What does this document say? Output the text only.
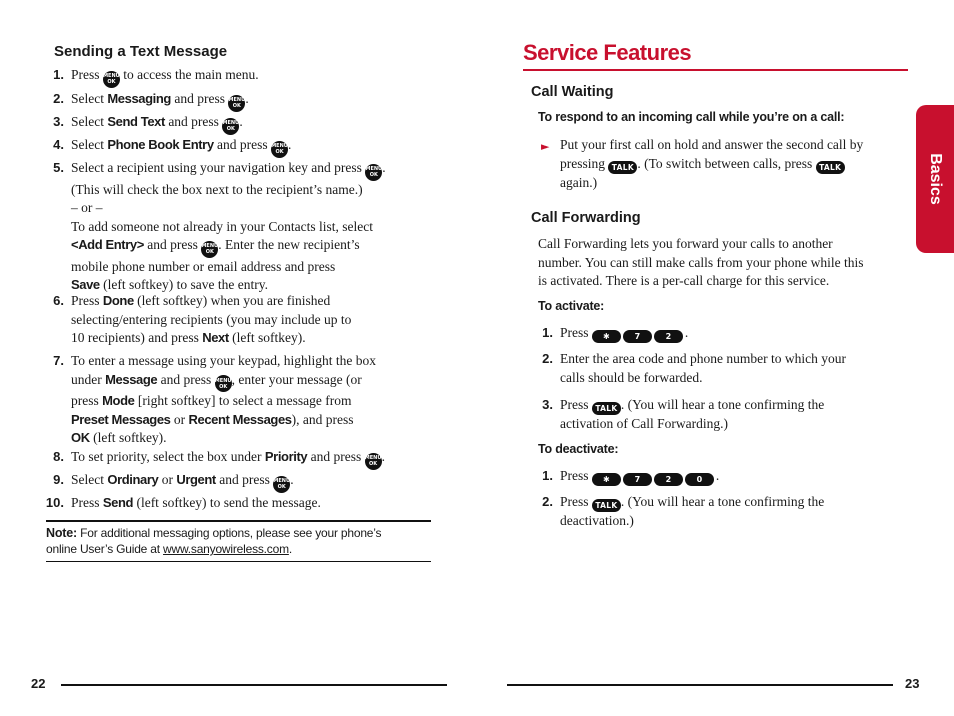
Sending a Text Message
1. Press MENU
OK to access the main menu.
2. Select Messaging and press MENU
OK .
3. Select Send Text and press MENU
OK .
4. Select Phone Book Entry and press MENU
OK .
5. Select a recipient using your navigation key and press MENU
OK .
(This will check the box next to the recipient’s name.)
– or –
To add someone not already in your Contacts list, select
<Add Entry> and press MENU
OK . Enter the new recipient’s
mobile phone number or email address and press
Save (left softkey) to save the entry.
6. Press Done (left softkey) when you are finished
selecting/entering recipients (you may include up to
10 recipients) and press Next (left softkey).
7. To enter a message using your keypad, highlight the box
under Message and press MENU
OK , enter your message (or
press Mode [right softkey] to select a message from
Preset Messages or Recent Messages), and press
OK (left softkey).
8. To set priority, select the box under Priority and press MENU
OK .
9. Select Ordinary or Urgent and press MENU
OK .
10. Press Send (left softkey) to send the message.
Note: For additional messaging options, please see your phone’s
online User’s Guide at www.sanyowireless.com.
22
Service Features
Basics
Call Waiting
To respond to an incoming call while you’re on a call:
► Put your first call on hold and answer the second call by
pressing TALK . (To switch between calls, press TALK
again.)
Call Forwarding
Call Forwarding lets you forward your calls to another
number. You can still make calls from your phone while this
is activated. There is a per-call charge for this service.
To activate:
1. Press ✱	7	2 .
2. Enter the area code and phone number to which your
calls should be forwarded.
3. Press TALK . (You will hear a tone confirming the
activation of Call Forwarding.)
To deactivate:
1. Press ✱	7	2	0 .
2. Press TALK . (You will hear a tone confirming the
deactivation.)
23
